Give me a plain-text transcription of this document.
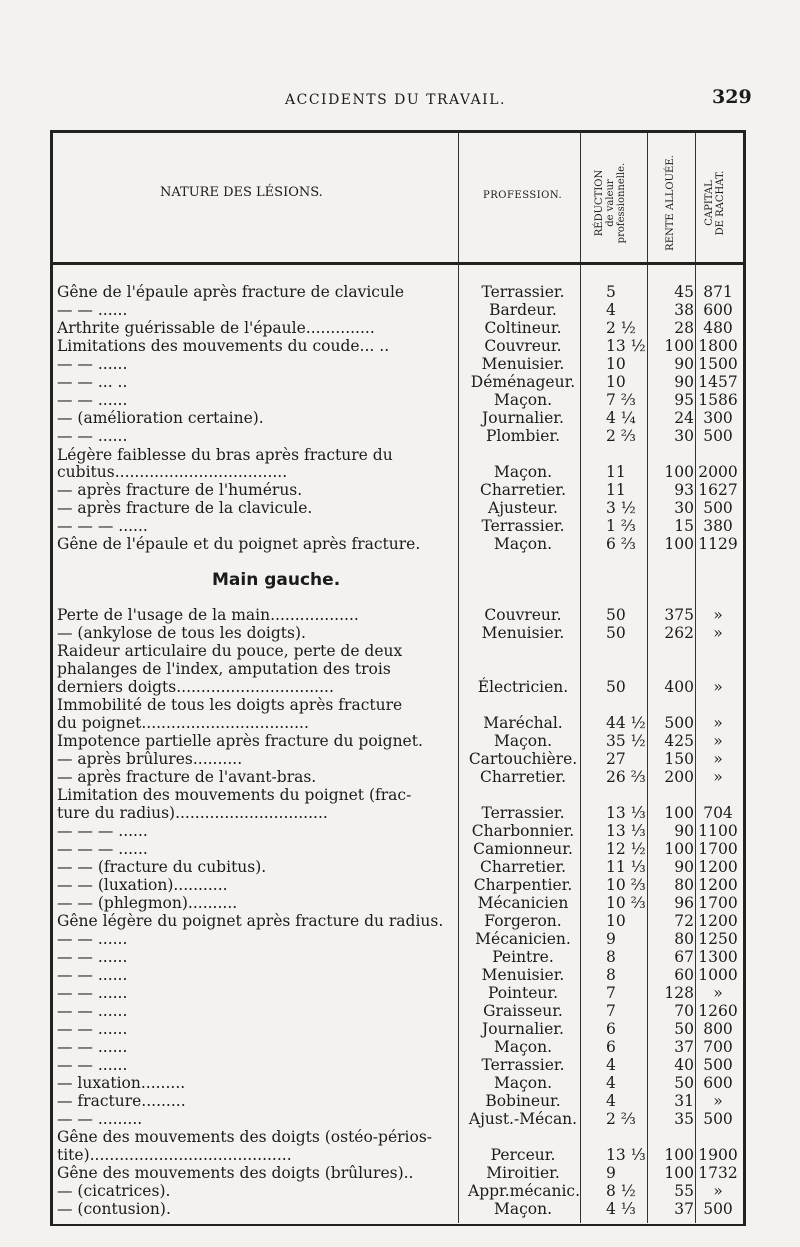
ACCIDENTS DU TRAVAIL.	329
NATURE DES LÉSIONS.	PROFESSION.	RÉDUCTION de valeur professionnelle.	RENTE ALLOUÉE.	CAPITAL DE RACHAT.
Main gauche.
Gêne de l'épaule après fracture de clavicule	Terrassier.	5	45 871
— — ......	Bardeur.	4	38 600
Arthrite guérissable de l'épaule..............	Coltineur.	2 ½	28 480
Limitations des mouvements du coude... ..	Couvreur.	13 ½	100 1800
— — ......	Menuisier.	10	90 1500
— — ... ..	Déménageur. 10	90 1457
— — ......	Maçon.	7 ⅔	95 1586
— (amélioration certaine).	Journalier.	4 ¼	24 300
— — ......	Plombier.	2 ⅔	30 500
Légère faiblesse du bras après fracture du
cubitus...................................	Maçon.	11	100 2000
— après fracture de l'humérus.	Charretier.	11	93 1627
— après fracture de la clavicule.	Ajusteur.	3 ½	30 500
— — — ......	Terrassier.	1 ⅔	15 380
Gêne de l'épaule et du poignet après fracture.	Maçon.	6 ⅔	100 1129
Perte de l'usage de la main..................	Couvreur.	50	375	»
— (ankylose de tous les doigts).	Menuisier.	50	262	»
Raideur articulaire du pouce, perte de deux
phalanges de l'index, amputation des trois
derniers doigts................................	Électricien.	50	400	»
Immobilité de tous les doigts après fracture
du poignet..................................	Maréchal.	44 ½	500	»
Impotence partielle après fracture du poignet.	Maçon.	35 ½	425	»
— après brûlures..........	Cartouchière. 27	150	»
— après fracture de l'avant-bras.	Charretier.	26 ⅔	200	»
Limitation des mouvements du poignet (frac-
ture du radius)...............................	Terrassier.	13 ⅓	100 704
— — — ......	Charbonnier. 13 ⅓	90 1100
— — — ......	Camionneur.	12 ½	100 1700
— — (fracture du cubitus).	Charretier.	11 ⅓	90 1200
— — (luxation)...........	Charpentier.	10 ⅔	80 1200
— — (phlegmon)..........	Mécanicien	10 ⅔	96 1700
Gêne légère du poignet après fracture du radius.	Forgeron.	10	72 1200
— — ......	Mécanicien.	9	80 1250
— — ......	Peintre.	8	67 1300
— — ......	Menuisier.	8	60 1000
— — ......	Pointeur.	7	128	»
— — ......	Graisseur.	7	70 1260
— — ......	Journalier.	6	50 800
— — ......	Maçon.	6	37 700
— — ......	Terrassier.	4	40 500
— luxation.........	Maçon.	4	50 600
— fracture.........	Bobineur.	4	31	»
— — .........	Ajust.-Mécan. 2 ⅔	35 500
Gêne des mouvements des doigts (ostéo-périos-
tite).........................................	Perceur.	13 ⅓	100 1900
Gêne des mouvements des doigts (brûlures)..	Miroitier.	9	100 1732
— (cicatrices).	Appr.mécanic. 8 ½	55	»
— (contusion).	Maçon.	4 ⅓	37 500
